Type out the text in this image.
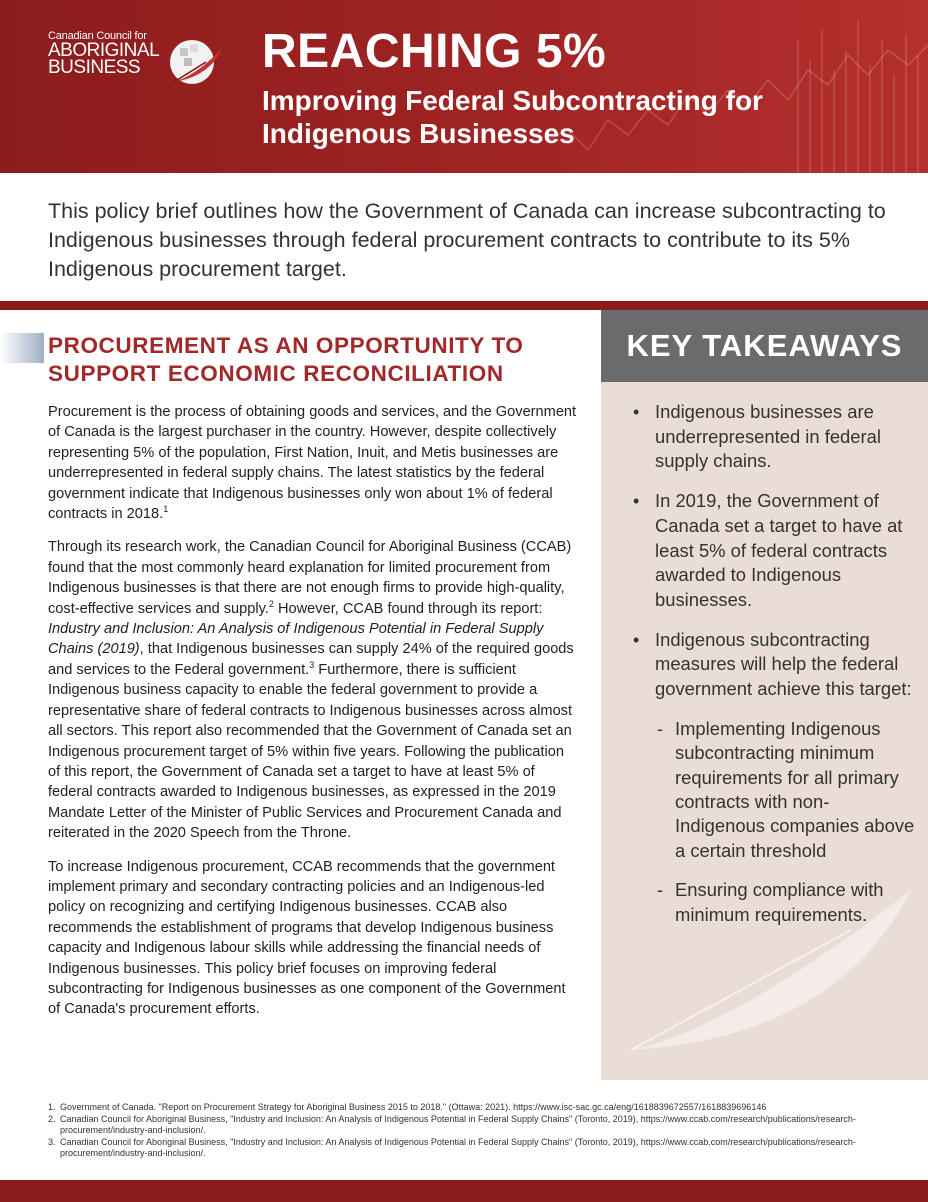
Canadian Council for
ABORIGINAL
BUSINESS	REACHING 5%
Improving Federal Subcontracting for Indigenous Businesses
This policy brief outlines how the Government of Canada can increase subcontracting to Indigenous businesses through federal procurement contracts to contribute to its 5% Indigenous procurement target.
PROCUREMENT AS AN OPPORTUNITY TO SUPPORT ECONOMIC RECONCILIATION

Procurement is the process of obtaining goods and services, and the Government of Canada is the largest purchaser in the country. However, despite collectively representing 5% of the population, First Nation, Inuit, and Metis businesses are underrepresented in federal supply chains. The latest statistics by the federal government indicate that Indigenous businesses only won about 1% of federal contracts in 2018.$^1$

Through its research work, the Canadian Council for Aboriginal Business (CCAB) found that the most commonly heard explanation for limited procurement from Indigenous businesses is that there are not enough firms to provide high-quality, cost-effective services and supply.$^2$ However, CCAB found through its report: Industry and Inclusion: An Analysis of Indigenous Potential in Federal Supply Chains (2019), that Indigenous businesses can supply 24% of the required goods and services to the Federal government.$^3$ Furthermore, there is sufficient Indigenous business capacity to enable the federal government to provide a representative share of federal contracts to Indigenous businesses across almost all sectors. This report also recommended that the Government of Canada set an Indigenous procurement target of 5% within five years. Following the publication of this report, the Government of Canada set a target to have at least 5% of federal contracts awarded to Indigenous businesses, as expressed in the 2019 Mandate Letter of the Minister of Public Services and Procurement Canada and reiterated in the 2020 Speech from the Throne.

To increase Indigenous procurement, CCAB recommends that the government implement primary and secondary contracting policies and an Indigenous-led policy on recognizing and certifying Indigenous businesses. CCAB also recommends the establishment of programs that develop Indigenous business capacity and Indigenous labour skills while addressing the financial needs of Indigenous businesses. This policy brief focuses on improving federal subcontracting for Indigenous businesses as one component of the Government of Canada's procurement efforts.

KEY TAKEAWAYS
• Indigenous businesses are underrepresented in federal supply chains.
• In 2019, the Government of Canada set a target to have at least 5% of federal contracts awarded to Indigenous businesses.
• Indigenous subcontracting measures will help the federal government achieve this target:
- Implementing Indigenous subcontracting minimum requirements for all primary contracts with non-Indigenous companies above a certain threshold
- Ensuring compliance with minimum requirements.
1. Government of Canada. "Report on Procurement Strategy for Aboriginal Business 2015 to 2018." (Ottawa: 2021). https://www.isc-sac.gc.ca/eng/1618839672557/1618839696146
2. Canadian Council for Aboriginal Business, "Industry and Inclusion: An Analysis of Indigenous Potential in Federal Supply Chains" (Toronto, 2019), https://www.ccab.com/research/publications/research-procurement/industry-and-inclusion/.
3. Canadian Council for Aboriginal Business, "Industry and Inclusion: An Analysis of Indigenous Potential in Federal Supply Chains" (Toronto, 2019), https://www.ccab.com/research/publications/research-procurement/industry-and-inclusion/.
